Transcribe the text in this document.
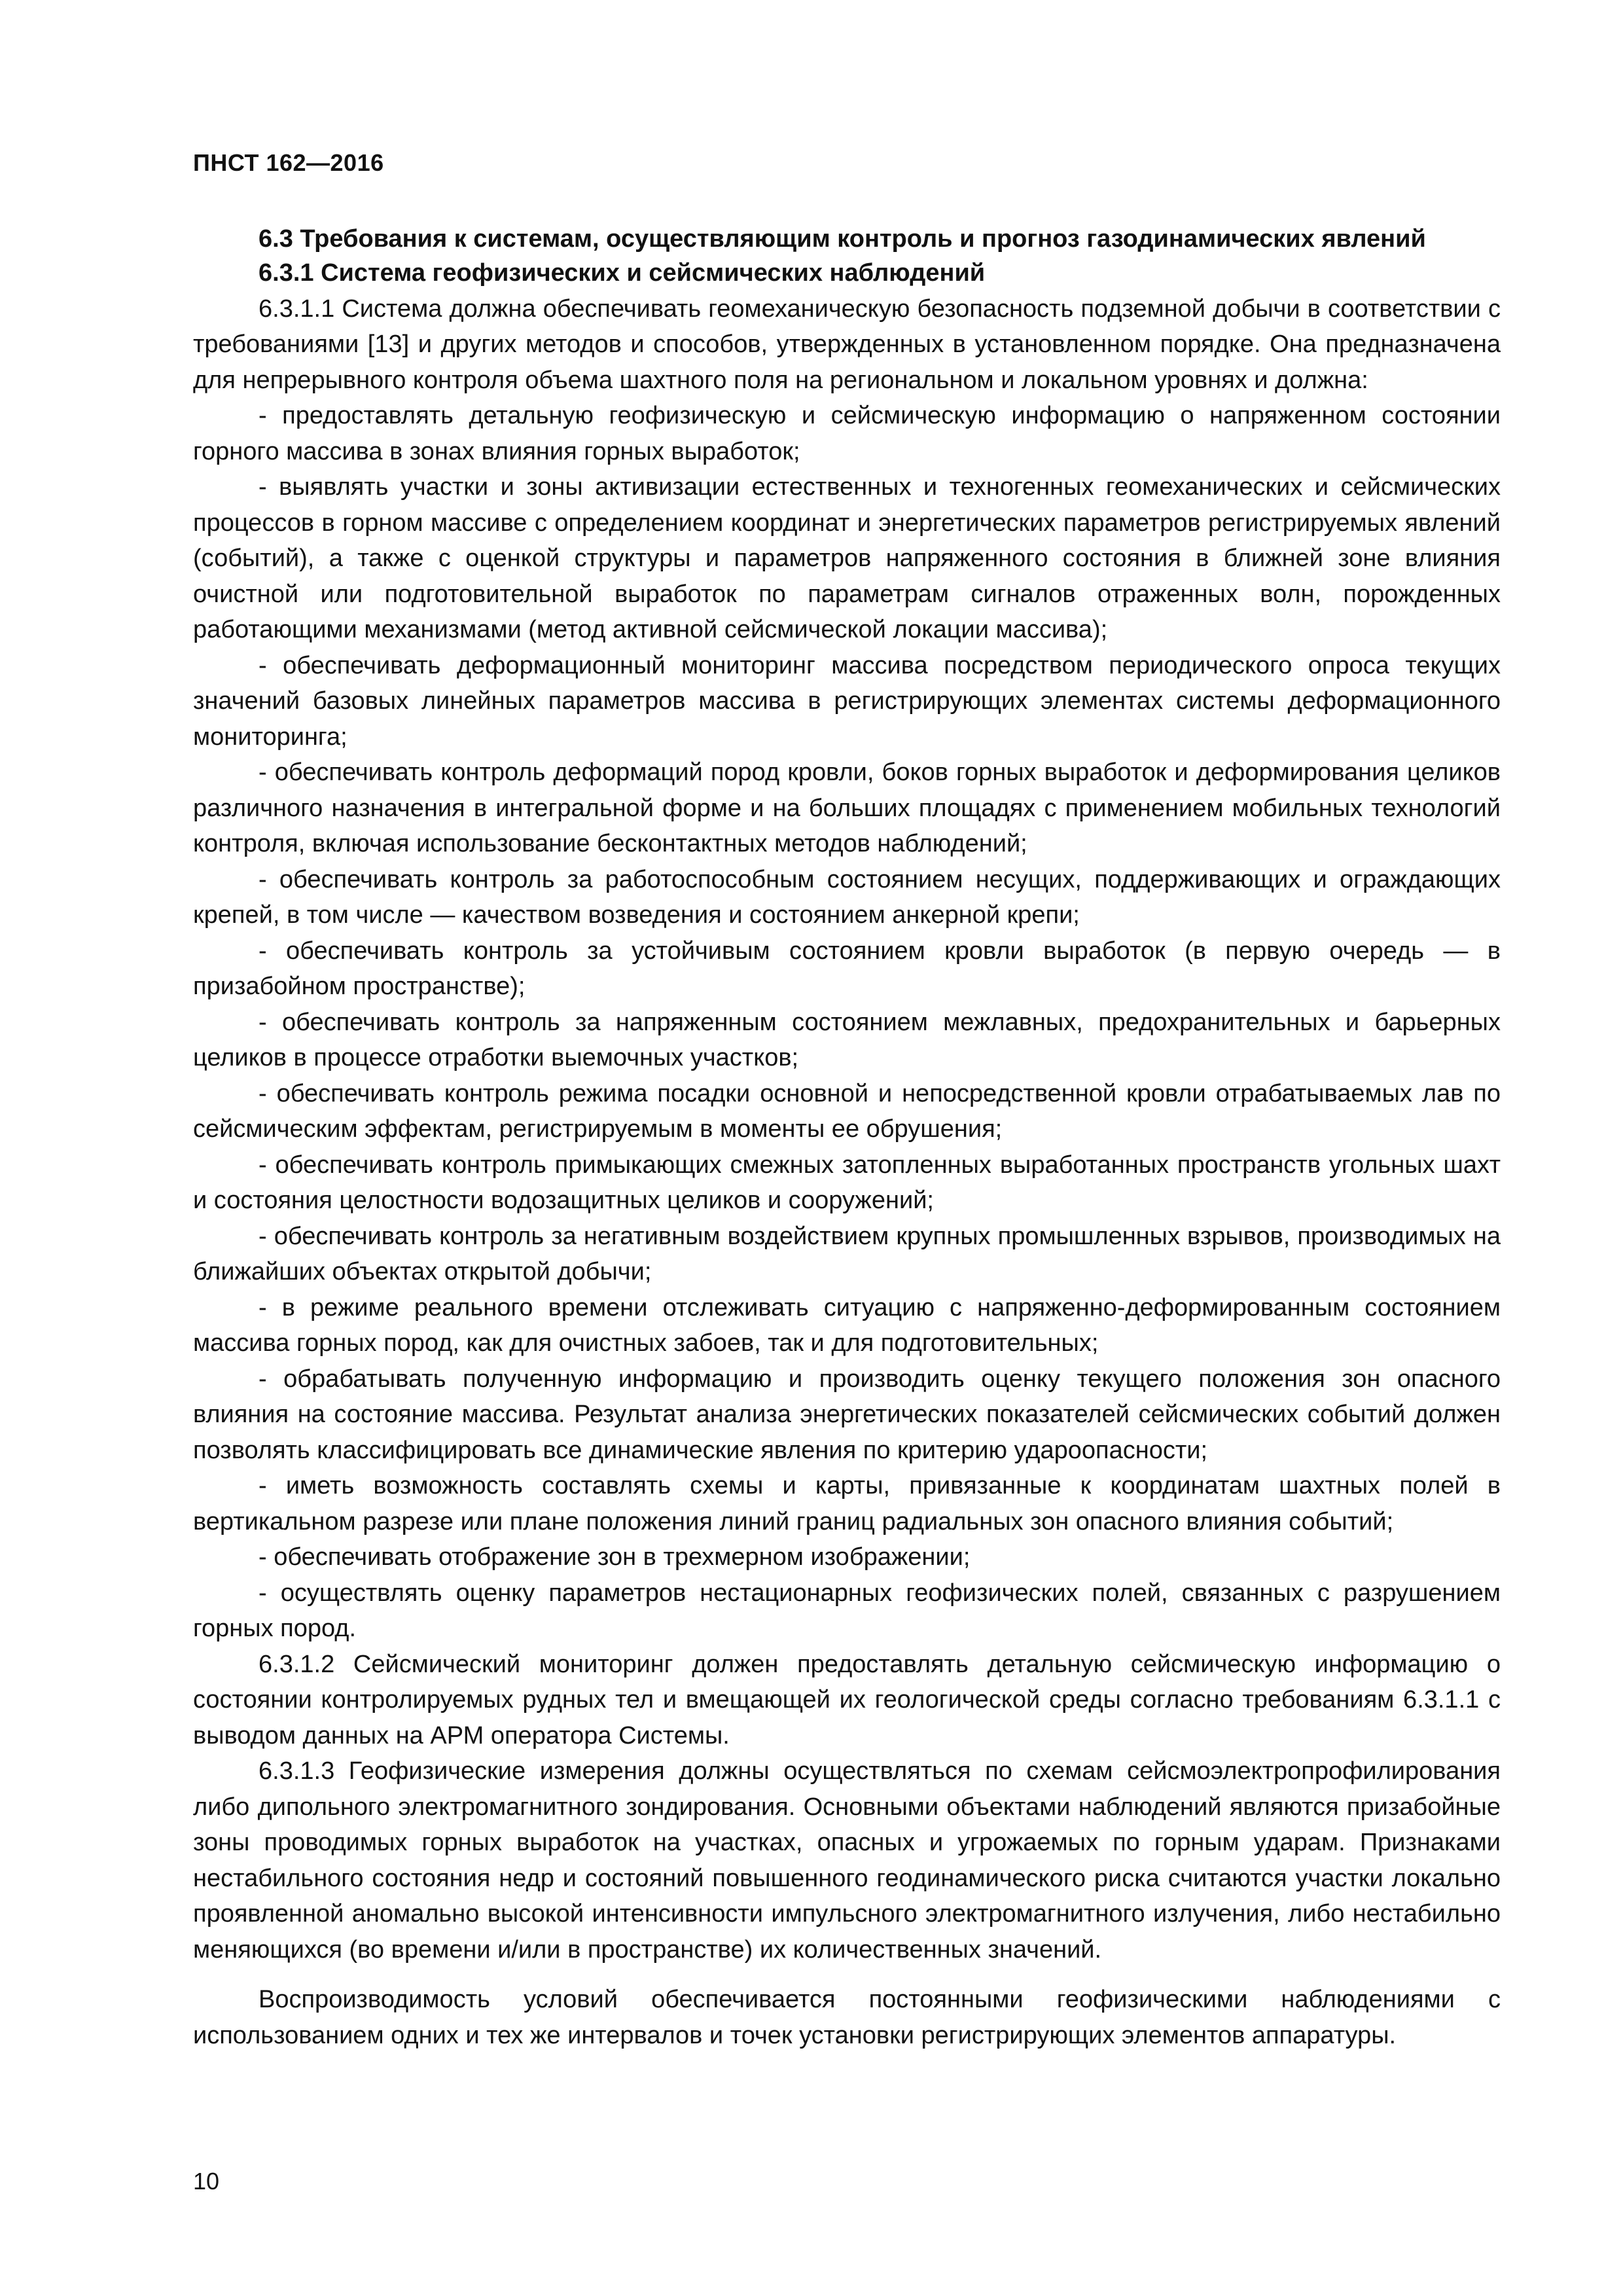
ПНСТ 162—2016

6.3 Требования к системам, осуществляющим контроль и прогноз газодинамических явлений

6.3.1 Система геофизических и сейсмических наблюдений

6.3.1.1 Система должна обеспечивать геомеханическую безопасность подземной добычи в соответствии с требованиями [13] и других методов и способов, утвержденных в установленном порядке. Она предназначена для непрерывного контроля объема шахтного поля на региональном и локальном уровнях и должна:

- предоставлять детальную геофизическую и сейсмическую информацию о напряженном состоянии горного массива в зонах влияния горных выработок;

- выявлять участки и зоны активизации естественных и техногенных геомеханических и сейсмических процессов в горном массиве с определением координат и энергетических параметров регистрируемых явлений (событий), а также с оценкой структуры и параметров напряженного состояния в ближней зоне влияния очистной или подготовительной выработок по параметрам сигналов отраженных волн, порожденных работающими механизмами (метод активной сейсмической локации массива);

- обеспечивать деформационный мониторинг массива посредством периодического опроса текущих значений базовых линейных параметров массива в регистрирующих элементах системы деформационного мониторинга;

- обеспечивать контроль деформаций пород кровли, боков горных выработок и деформирования целиков различного назначения в интегральной форме и на больших площадях с применением мобильных технологий контроля, включая использование бесконтактных методов наблюдений;

- обеспечивать контроль за работоспособным состоянием несущих, поддерживающих и ограждающих крепей, в том числе — качеством возведения и состоянием анкерной крепи;

- обеспечивать контроль за устойчивым состоянием кровли выработок (в первую очередь — в призабойном пространстве);

- обеспечивать контроль за напряженным состоянием межлавных, предохранительных и барьерных целиков в процессе отработки выемочных участков;

- обеспечивать контроль режима посадки основной и непосредственной кровли отрабатываемых лав по сейсмическим эффектам, регистрируемым в моменты ее обрушения;

- обеспечивать контроль примыкающих смежных затопленных выработанных пространств угольных шахт и состояния целостности водозащитных целиков и сооружений;

- обеспечивать контроль за негативным воздействием крупных промышленных взрывов, производимых на ближайших объектах открытой добычи;

- в режиме реального времени отслеживать ситуацию с напряженно-деформированным состоянием массива горных пород, как для очистных забоев, так и для подготовительных;

- обрабатывать полученную информацию и производить оценку текущего положения зон опасного влияния на состояние массива. Результат анализа энергетических показателей сейсмических событий должен позволять классифицировать все динамические явления по критерию удароопасности;

- иметь возможность составлять схемы и карты, привязанные к координатам шахтных полей в вертикальном разрезе или плане положения линий границ радиальных зон опасного влияния событий;

- обеспечивать отображение зон в трехмерном изображении;

- осуществлять оценку параметров нестационарных геофизических полей, связанных с разрушением горных пород.

6.3.1.2 Сейсмический мониторинг должен предоставлять детальную сейсмическую информацию о состоянии контролируемых рудных тел и вмещающей их геологической среды согласно требованиям 6.3.1.1 с выводом данных на АРМ оператора Системы.

6.3.1.3 Геофизические измерения должны осуществляться по схемам сейсмоэлектропрофилирования либо дипольного электромагнитного зондирования. Основными объектами наблюдений являются призабойные зоны проводимых горных выработок на участках, опасных и угрожаемых по горным ударам. Признаками нестабильного состояния недр и состояний повышенного геодинамического риска считаются участки локально проявленной аномально высокой интенсивности импульсного электромагнитного излучения, либо нестабильно меняющихся (во времени и/или в пространстве) их количественных значений.

Воспроизводимость условий обеспечивается постоянными геофизическими наблюдениями с использованием одних и тех же интервалов и точек установки регистрирующих элементов аппаратуры.

10
